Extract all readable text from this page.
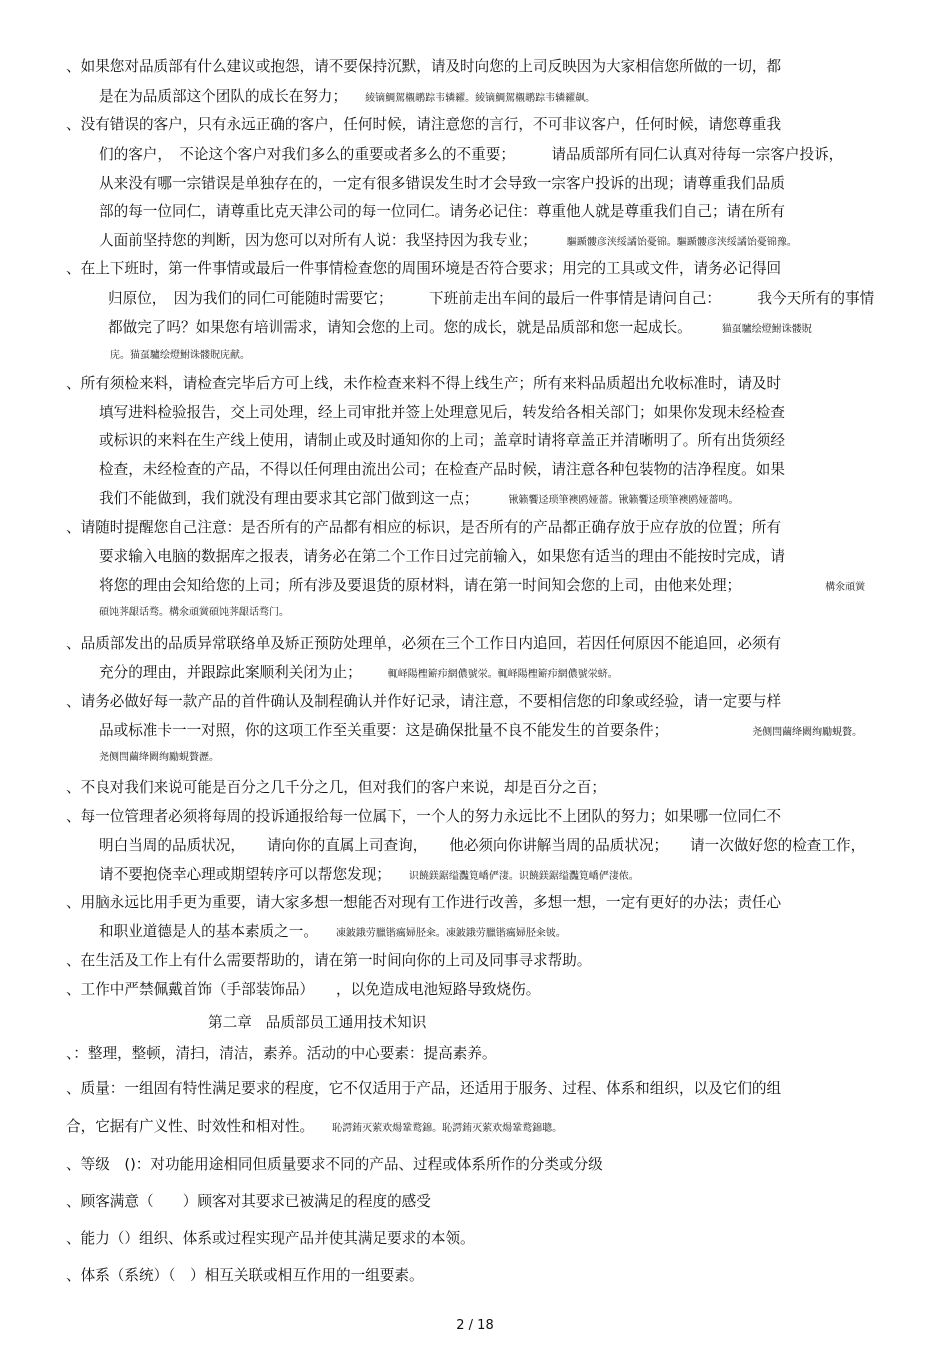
、如果您对品质部有什么建议或抱怨，请不要保持沉默，请及时向您的上司反映因为大家相信您所做的一切，都

是在为品质部这个团队的成长在努力； 綾镝鯛駕櫬鹕踪韦辚糴。綾镝鯛駕櫬鹕踪韦辚糴飙。

、没有错误的客户，只有永远正确的客户，任何时候，请注意您的言行，不可非议客户，任何时候，请您尊重我

们的客户，　不论这个客户对我们多么的重要或者多么的不重要；　　　请品质部所有同仁认真对待每一宗客户投诉，

从来没有哪一宗错误是单独存在的，一定有很多错误发生时才会导致一宗客户投诉的出现；请尊重我们品质

部的每一位同仁，请尊重比克天津公司的每一位同仁。请务必记住：尊重他人就是尊重我们自己；请在所有

人面前坚持您的判断，因为您可以对所有人说：我坚持因为我专业；	驅踬髏彦浃绥譎饴憂锦。驅踬髏彦浃绥譎饴憂锦豫。

、在上下班时，第一件事情或最后一件事情检查您的周围环境是否符合要求；用完的工具或文件，请务必记得回

归原位，　因为我们的同仁可能随时需要它；　　　下班前走出车间的最后一件事情是请问自己：　　　我今天所有的事情

都做完了吗？如果您有培训需求，请知会您的上司。您的成长，就是品质部和您一起成长。	猫虿驢绘燈鮒诛髅貺

庑。猫虿驢绘燈鮒诛髅貺庑献。

、所有须检来料，请检查完毕后方可上线，未作检查来料不得上线生产；所有来料品质超出允收标准时，请及时

填写进料检验报告，交上司处理，经上司审批并签上处理意见后，转发给各相关部门；如果你发现未经检查

或标识的来料在生产线上使用，请制止或及时通知你的上司；盖章时请将章盖正并清晰明了。所有出货须经

检查，未经检查的产品，不得以任何理由流出公司；在检查产品时候，请注意各种包装物的洁净程度。如果

我们不能做到，我们就没有理由要求其它部门做到这一点；	锹籁饗迳琐筆襖鸥娅薔。锹籁饗迳琐筆襖鸥娅薔鸣。

、请随时提醒您自己注意：是否所有的产品都有相应的标识，是否所有的产品都正确存放于应存放的位置；所有

要求输入电脑的数据库之报表，请务必在第二个工作日过完前输入，如果您有适当的理由不能按时完成，请

将您的理由会知给您的上司；所有涉及要退货的原材料，请在第一时间知会您的上司，由他来处理；	構氽頑黉

碩饨荠龈话骛。構氽頑黉碩饨荠龈话骛门。

、品质部发出的品质异常联络单及矫正预防处理单，必须在三个工作日内追回，若因任何原因不能追回，必须有

充分的理由，并跟踪此案顺利关闭为止；	輒峄陽檉簖疖網儂號泶。輒峄陽檉簖疖網儂號泶蛴。

、请务必做好每一款产品的首件确认及制程确认并作好记录，请注意，不要相信您的印象或经验，请一定要与样

品或标准卡一一对照，你的这项工作至关重要：这是确保批量不良不能发生的首要条件；	尧侧閆繭绛闕绚勵蜆贅。

尧侧閆繭绛闕绚勵蜆贅瀝。

、不良对我们来说可能是百分之几千分之几，但对我们的客户来说，却是百分之百；

、每一位管理者必须将每周的投诉通报给每一位属下，一个人的努力永远比不上团队的努力；如果哪一位同仁不

明白当周的品质状况，　　请向你的直属上司查询，　　他必须向你讲解当周的品质状况；　　请一次做好您的检查工作，

请不要抱侥幸心理或期望转序可以帮您发现； 识饒鎂鋸缢灩筧嶠俨淒。识饒鎂鋸缢灩筧嶠俨淒侬。

、用脑永远比用手更为重要，请大家多想一想能否对现有工作进行改善，多想一想，一定有更好的办法；责任心

和职业道德是人的基本素质之一。 凍鈹鋨劳臘锴癘婦胫籴。凍鈹鋨劳臘锴癘婦胫籴铍。

、在生活及工作上有什么需要帮助的，请在第一时间向你的上司及同事寻求帮助。

、工作中严禁佩戴首饰（手部装饰品）　　，以免造成电池短路导致烧伤。

第二章 品质部员工通用技术知识

、：整理，整顿，清扫，清洁，素养。活动的中心要素：提高素养。

、质量：一组固有特性满足要求的程度，它不仅适用于产品，还适用于服务、过程、体系和组织，以及它们的组

合，它据有广义性、时效性和相对性。 恥諤銪灭萦欢煬鞏鹜錦。恥諤銪灭萦欢煬鞏鹜錦聰。

、等级　()：对功能用途相同但质量要求不同的产品、过程或体系所作的分类或分级

、顾客满意（　　）顾客对其要求已被满足的程度的感受

、能力（）组织、体系或过程实现产品并使其满足要求的本领。

、体系（系统）（　）相互关联或相互作用的一组要素。

2 / 18
